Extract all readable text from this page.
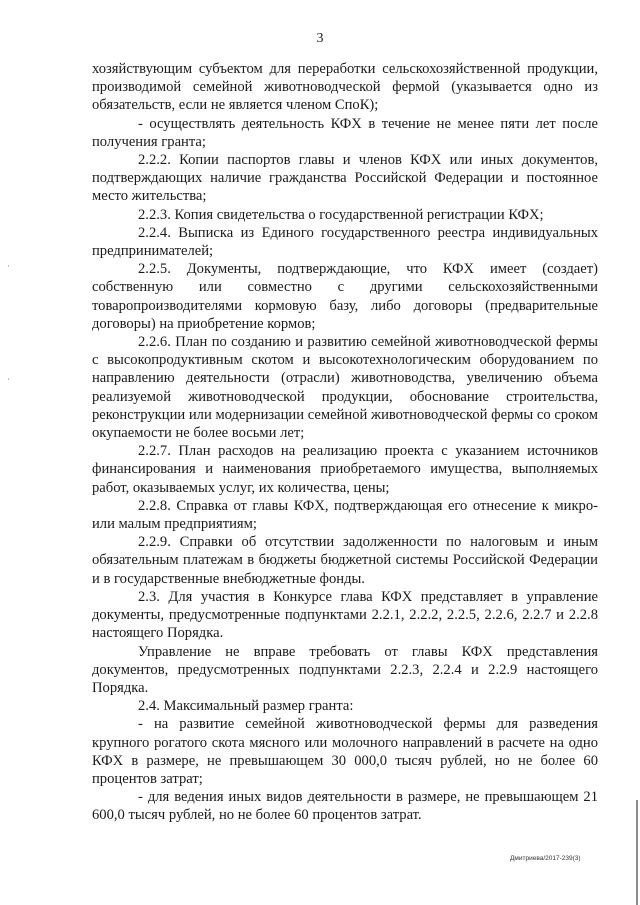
3

хозяйствующим субъектом для переработки сельскохозяйственной продукции, производимой семейной животноводческой фермой (указывается одно из обязательств, если не является членом СпоК);

- осуществлять деятельность КФХ в течение не менее пяти лет после получения гранта;

2.2.2. Копии паспортов главы и членов КФХ или иных документов, подтверждающих наличие гражданства Российской Федерации и постоянное место жительства;

2.2.3. Копия свидетельства о государственной регистрации КФХ;

2.2.4. Выписка из Единого государственного реестра индивидуальных предпринимателей;

2.2.5. Документы, подтверждающие, что КФХ имеет (создает) собственную или совместно с другими сельскохозяйственными товаропроизводителями кормовую базу, либо договоры (предварительные договоры) на приобретение кормов;

2.2.6. План по созданию и развитию семейной животноводческой фермы с высокопродуктивным скотом и высокотехнологическим оборудованием по направлению деятельности (отрасли) животноводства, увеличению объема реализуемой животноводческой продукции, обоснование строительства, реконструкции или модернизации семейной животноводческой фермы со сроком окупаемости не более восьми лет;

2.2.7. План расходов на реализацию проекта с указанием источников финансирования и наименования приобретаемого имущества, выполняемых работ, оказываемых услуг, их количества, цены;

2.2.8. Справка от главы КФХ, подтверждающая его отнесение к микро- или малым предприятиям;

2.2.9. Справки об отсутствии задолженности по налоговым и иным обязательным платежам в бюджеты бюджетной системы Российской Федерации и в государственные внебюджетные фонды.

2.3. Для участия в Конкурсе глава КФХ представляет в управление документы, предусмотренные подпунктами 2.2.1, 2.2.2, 2.2.5, 2.2.6, 2.2.7 и 2.2.8 настоящего Порядка.

Управление не вправе требовать от главы КФХ представления документов, предусмотренных подпунктами 2.2.3, 2.2.4 и 2.2.9 настоящего Порядка.

2.4. Максимальный размер гранта:

- на развитие семейной животноводческой фермы для разведения крупного рогатого скота мясного или молочного направлений в расчете на одно КФХ в размере, не превышающем 30 000,0 тысяч рублей, но не более 60 процентов затрат;

- для ведения иных видов деятельности в размере, не превышающем 21 600,0 тысяч рублей, но не более 60 процентов затрат.

Дмитриева/2017-239(3)
